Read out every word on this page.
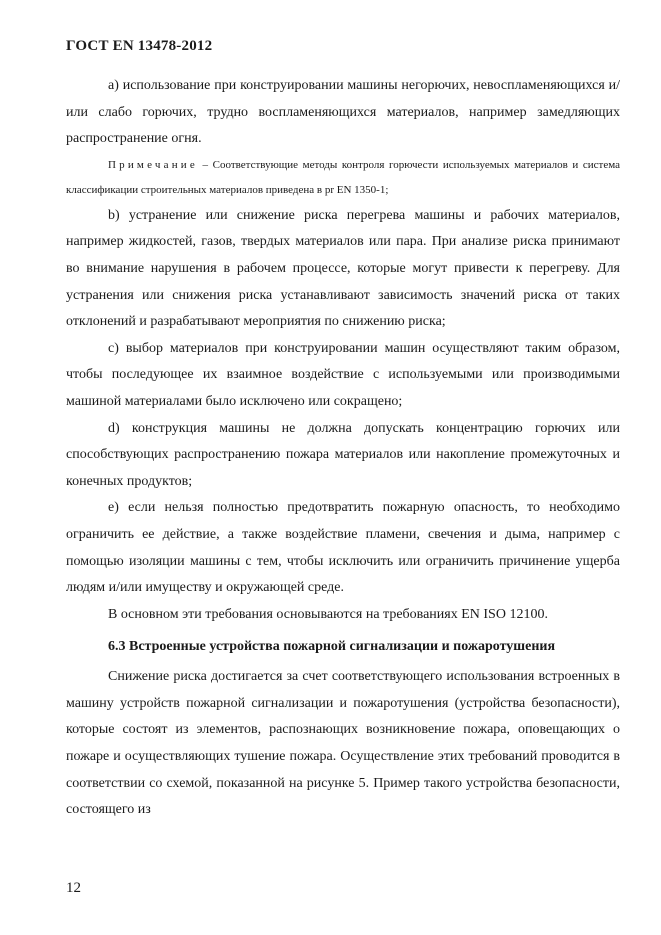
ГОСТ EN 13478-2012

a) использование при конструировании машины негорючих, невоспламеняющихся и/или слабо горючих, трудно воспламеняющихся материалов, например замедляющих распространение огня.

Примечание – Соответствующие методы контроля горючести используемых материалов и система классификации строительных материалов приведена в pr EN 1350-1;

b) устранение или снижение риска перегрева машины и рабочих материалов, например жидкостей, газов, твердых материалов или пара. При анализе риска принимают во внимание нарушения в рабочем процессе, которые могут привести к перегреву. Для устранения или снижения риска устанавливают зависимость значений риска от таких отклонений и разрабатывают мероприятия по снижению риска;

c) выбор материалов при конструировании машин осуществляют таким образом, чтобы последующее их взаимное воздействие с используемыми или производимыми машиной материалами было исключено или сокращено;

d) конструкция машины не должна допускать концентрацию горючих или способствующих распространению пожара материалов или накопление промежуточных и конечных продуктов;

e) если нельзя полностью предотвратить пожарную опасность, то необходимо ограничить ее действие, а также воздействие пламени, свечения и дыма, например с помощью изоляции машины с тем, чтобы исключить или ограничить причинение ущерба людям и/или имуществу и окружающей среде.

В основном эти требования основываются на требованиях EN ISO 12100.

6.3 Встроенные устройства пожарной сигнализации и пожаротушения

Снижение риска достигается за счет соответствующего использования встроенных в машину устройств пожарной сигнализации и пожаротушения (устройства безопасности), которые состоят из элементов, распознающих возникновение пожара, оповещающих о пожаре и осуществляющих тушение пожара. Осуществление этих требований проводится в соответствии со схемой, показанной на рисунке 5. Пример такого устройства безопасности, состоящего из

12
